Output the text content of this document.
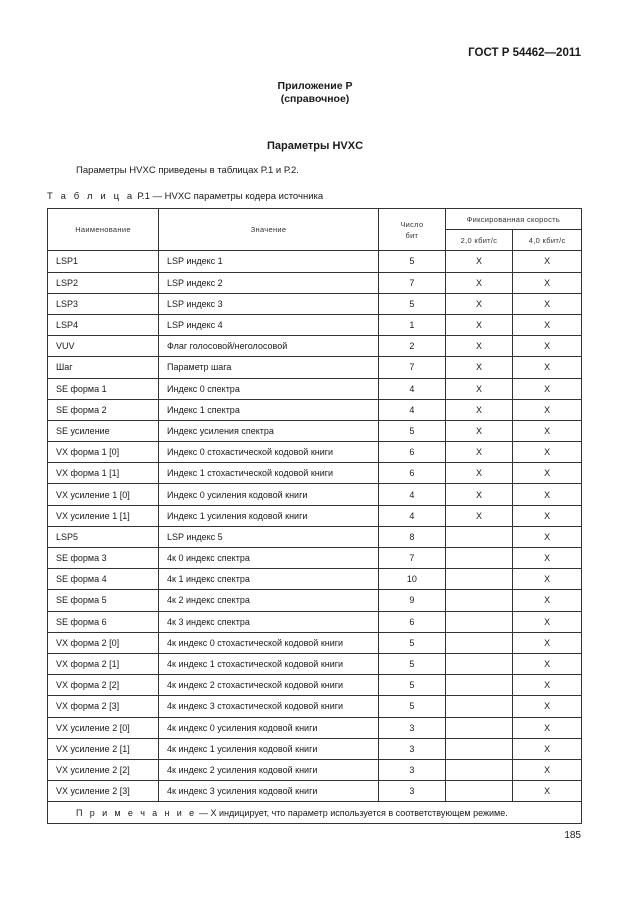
ГОСТ Р 54462—2011
Приложение Р
(справочное)
Параметры HVXC
Параметры HVXC приведены в таблицах Р.1 и Р.2.
Т а б л и ц а Р.1 — HVXC параметры кодера источника
Наименование	Значение	Число
бит	Фиксированная скорость	
			2,0 кбит/с	4,0 кбит/с
LSP1	LSP индекс 1	5	X	X
LSP2	LSP индекс 2	7	X	X
LSP3	LSP индекс 3	5	X	X
LSP4	LSP индекс 4	1	X	X
VUV	Флаг голосовой/неголосовой	2	X	X
Шаг	Параметр шага	7	X	X
SE форма 1	Индекс 0 спектра	4	X	X
SE форма 2	Индекс 1 спектра	4	X	X
SE усиление	Индекс усиления спектра	5	X	X
VX форма 1 [0]	Индекс 0 стохастической кодовой книги	6	X	X
VX форма 1 [1]	Индекс 1 стохастической кодовой книги	6	X	X
VX усиление 1 [0]	Индекс 0 усиления кодовой книги	4	X	X
VX усиление 1 [1]	Индекс 1 усиления кодовой книги	4	X	X
LSP5	LSP индекс 5	8		X
SE форма 3	4к 0 индекс спектра	7		X
SE форма 4	4к 1 индекс спектра	10		X
SE форма 5	4к 2 индекс спектра	9		X
SE форма 6	4к 3 индекс спектра	6		X
VX форма 2 [0]	4к индекс 0 стохастической кодовой книги	5		X
VX форма 2 [1]	4к индекс 1 стохастической кодовой книги	5		X
VX форма 2 [2]	4к индекс 2 стохастической кодовой книги	5		X
VX форма 2 [3]	4к индекс 3 стохастической кодовой книги	5		X
VX усиление 2 [0]	4к индекс 0 усиления кодовой книги	3		X
VX усиление 2 [1]	4к индекс 1 усиления кодовой книги	3		X
VX усиление 2 [2]	4к индекс 2 усиления кодовой книги	3		X
VX усиление 2 [3]	4к индекс 3 усиления кодовой книги	3		X
П р и м е ч а н и е — X индицирует, что параметр используется в соответствующем режиме.				
185
